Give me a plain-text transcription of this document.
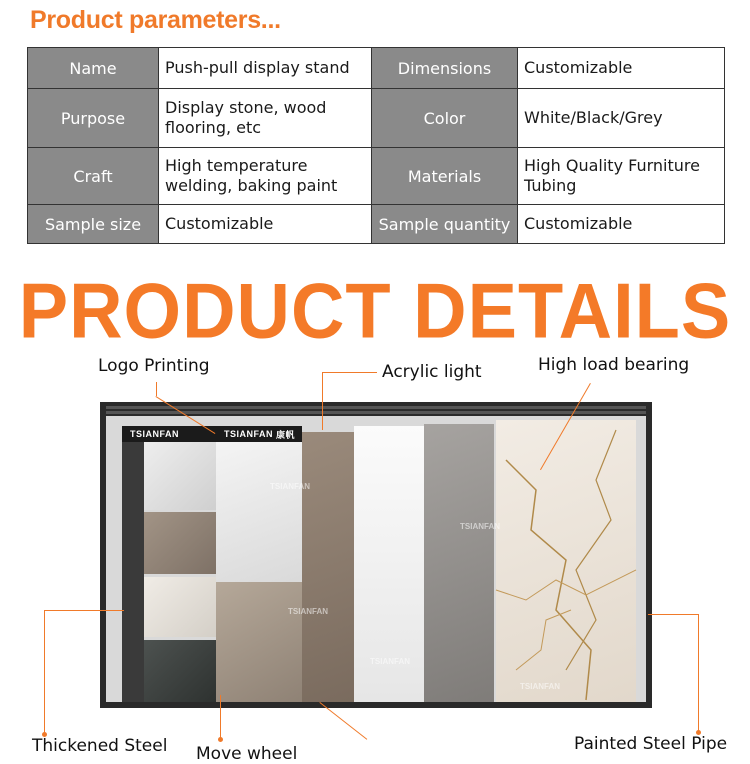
Product parameters...
Name	Push-pull display stand	Dimensions	Customizable
Purpose	Display stone, wood flooring, etc	Color	White/Black/Grey
Craft	High temperature welding, baking paint	Materials	High Quality Furniture Tubing
Sample size	Customizable	Sample quantity	Customizable
PRODUCT DETAILS
TSIANFAN	TSIANFAN
康帆
TSIANFAN
TSIANFAN
TSIANFAN
TSIANFAN
TSIANFAN
Logo Printing	Acrylic light	High load bearing
Thickened Steel Move wheel	Painted Steel Pipe
